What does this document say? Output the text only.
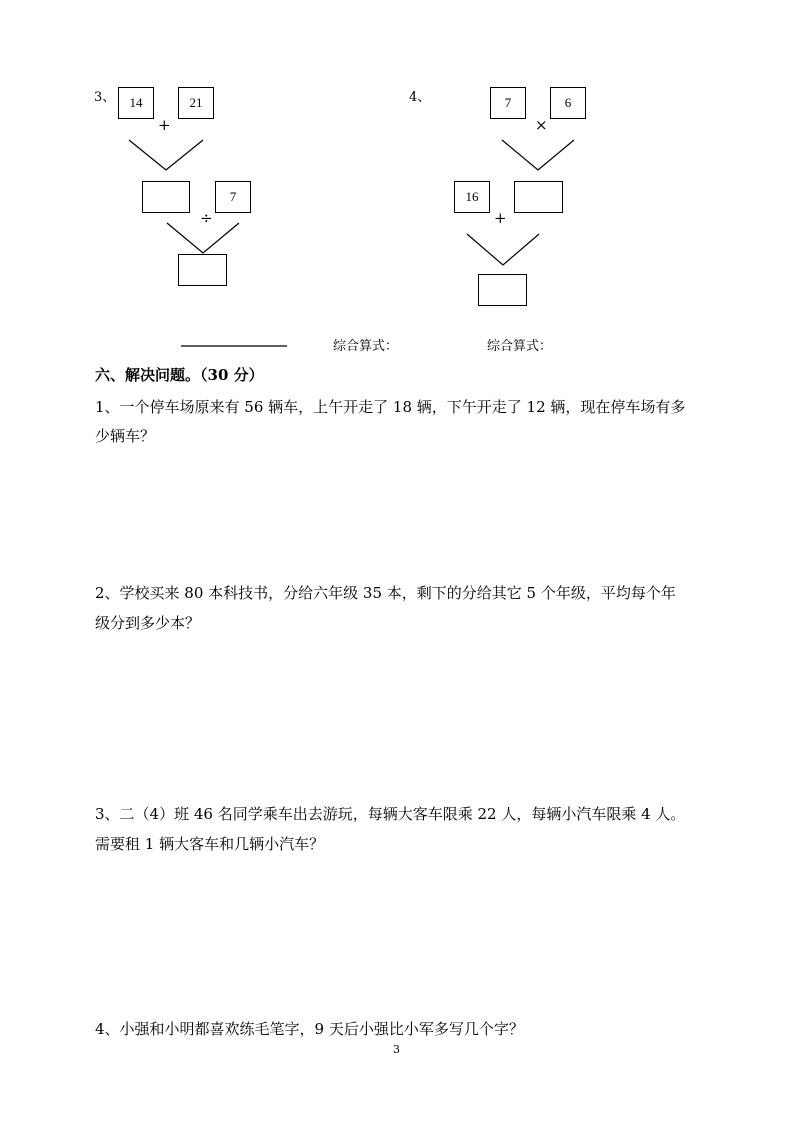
3、	14
+
21
÷
7
4、	7
×
6
16
+
综合算式：	综合算式：
六、解决问题。（30 分）
1、一个停车场原来有 56 辆车，上午开走了 18 辆，下午开走了 12 辆，现在停车场有多
少辆车？
2、学校买来 80 本科技书，分给六年级 35 本，剩下的分给其它 5 个年级，平均每个年
级分到多少本？
3、二（4）班 46 名同学乘车出去游玩，每辆大客车限乘 22 人，每辆小汽车限乘 4 人。
需要租 1 辆大客车和几辆小汽车？
4、小强和小明都喜欢练毛笔字，9 天后小强比小军多写几个字？
3
